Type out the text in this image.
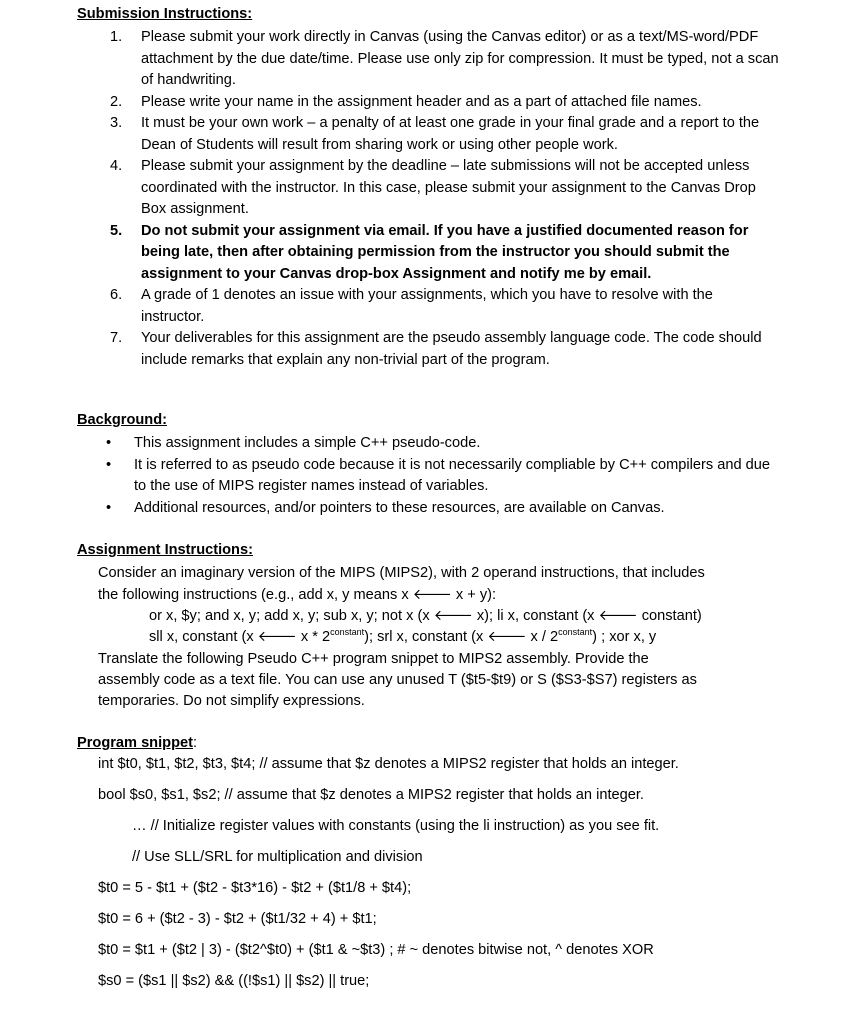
Submission Instructions:
1. Please submit your work directly in Canvas (using the Canvas editor) or as a text/MS-word/PDF attachment by the due date/time. Please use only zip for compression. It must be typed, not a scan of handwriting.
2. Please write your name in the assignment header and as a part of attached file names.
3. It must be your own work – a penalty of at least one grade in your final grade and a report to the Dean of Students will result from sharing work or using other people work.
4. Please submit your assignment by the deadline – late submissions will not be accepted unless coordinated with the instructor. In this case, please submit your assignment to the Canvas Drop Box assignment.
5. Do not submit your assignment via email. If you have a justified documented reason for being late, then after obtaining permission from the instructor you should submit the assignment to your Canvas drop-box Assignment and notify me by email.
6. A grade of 1 denotes an issue with your assignments, which you have to resolve with the instructor.
7. Your deliverables for this assignment are the pseudo assembly language code. The code should include remarks that explain any non-trivial part of the program.
Background:
• This assignment includes a simple C++ pseudo-code.
• It is referred to as pseudo code because it is not necessarily compliable by C++ compilers and due to the use of MIPS register names instead of variables.
• Additional resources, and/or pointers to these resources, are available on Canvas.
Assignment Instructions:
Consider an imaginary version of the MIPS (MIPS2), with 2 operand instructions, that includes
the following instructions (e.g., add x, y means x 🡐 x + y):
or x, $y; and x, y; add x, y; sub x, y; not x (x 🡐 x); li x, constant (x 🡐 constant)
sll x, constant (x 🡐 x * $2^{constant}$); srl x, constant (x 🡐 x / $2^{constant}$) ; xor x, y
Translate the following Pseudo C++ program snippet to MIPS2 assembly. Provide the
assembly code as a text file. You can use any unused T ($t5-$t9) or S ($S3-$S7) registers as
temporaries. Do not simplify expressions.
Program snippet:
int $t0, $t1, $t2, $t3, $t4; // assume that $z denotes a MIPS2 register that holds an integer.
bool $s0, $s1, $s2; // assume that $z denotes a MIPS2 register that holds an integer.
… // Initialize register values with constants (using the li instruction) as you see fit.
// Use SLL/SRL for multiplication and division
$t0 = 5 - $t1 + ($t2 - $t3*16) - $t2 + ($t1/8 + $t4);
$t0 = 6 + ($t2 - 3) - $t2 + ($t1/32 + 4) + $t1;
$t0 = $t1 + ($t2 | 3) - ($t2^$t0) + ($t1 & ~$t3) ; # ~ denotes bitwise not, ^ denotes XOR
$s0 = ($s1 || $s2) && ((!$s1) || $s2) || true;
